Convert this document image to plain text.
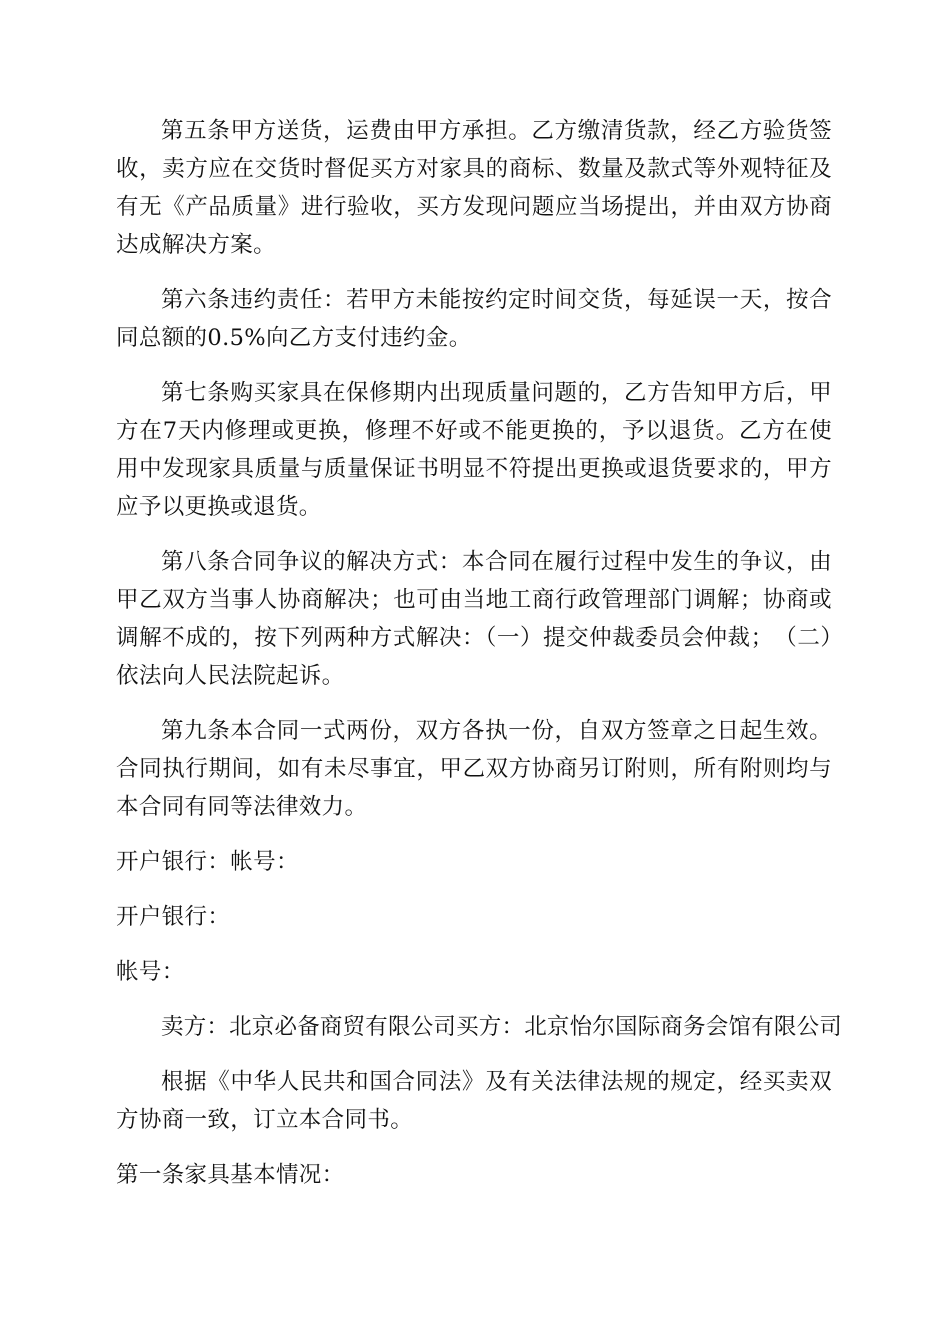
第五条甲方送货，运费由甲方承担。乙方缴清货款，经乙方验货签收，卖方应在交货时督促买方对家具的商标、数量及款式等外观特征及有无《产品质量》进行验收，买方发现问题应当场提出，并由双方协商达成解决方案。

第六条违约责任：若甲方未能按约定时间交货，每延误一天，按合同总额的0.5%向乙方支付违约金。

第七条购买家具在保修期内出现质量问题的，乙方告知甲方后，甲方在7天内修理或更换，修理不好或不能更换的，予以退货。乙方在使用中发现家具质量与质量保证书明显不符提出更换或退货要求的，甲方应予以更换或退货。

第八条合同争议的解决方式：本合同在履行过程中发生的争议，由甲乙双方当事人协商解决；也可由当地工商行政管理部门调解；协商或调解不成的，按下列两种方式解决：（一）提交仲裁委员会仲裁；　（二）依法向人民法院起诉。

第九条本合同一式两份，双方各执一份，自双方签章之日起生效。合同执行期间，如有未尽事宜，甲乙双方协商另订附则，所有附则均与本合同有同等法律效力。

开户银行：帐号：

开户银行：

帐号：

卖方：北京必备商贸有限公司买方：北京怡尔国际商务会馆有限公司

根据《中华人民共和国合同法》及有关法律法规的规定，经买卖双方协商一致，订立本合同书。

第一条家具基本情况：
